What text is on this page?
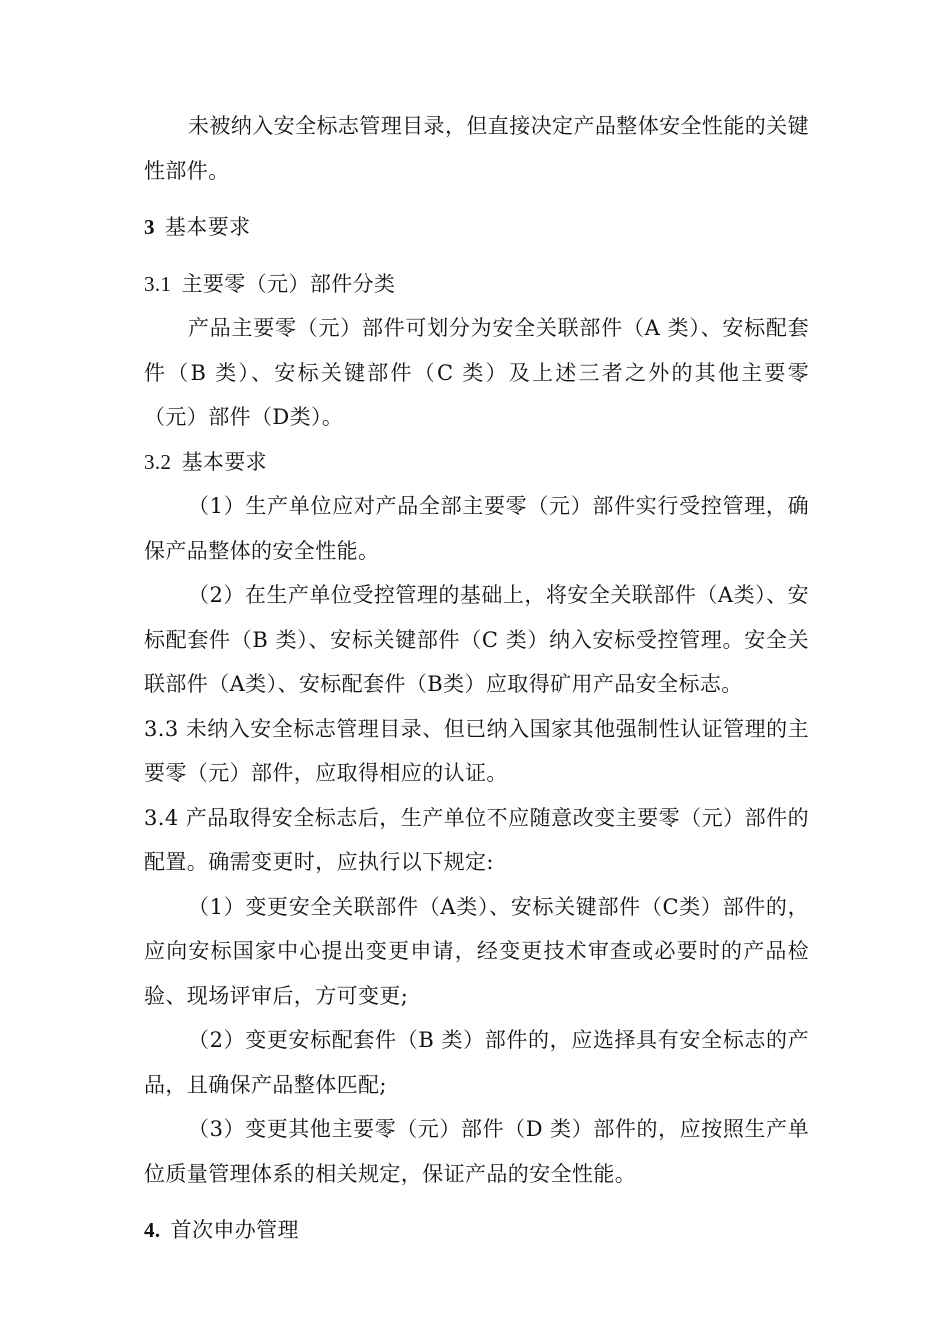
未被纳入安全标志管理目录，但直接决定产品整体安全性能的关键性部件。

3 基本要求

3.1 主要零（元）部件分类

产品主要零（元）部件可划分为安全关联部件（A 类）、安标配套件（B 类）、安标关键部件（C 类）及上述三者之外的其他主要零（元）部件（D类）。

3.2 基本要求

（1）生产单位应对产品全部主要零（元）部件实行受控管理，确保产品整体的安全性能。

（2）在生产单位受控管理的基础上，将安全关联部件（A类）、安标配套件（B 类）、安标关键部件（C 类）纳入安标受控管理。安全关联部件（A类）、安标配套件（B类）应取得矿用产品安全标志。

3.3 未纳入安全标志管理目录、但已纳入国家其他强制性认证管理的主要零（元）部件，应取得相应的认证。

3.4 产品取得安全标志后，生产单位不应随意改变主要零（元）部件的配置。确需变更时，应执行以下规定:

（1）变更安全关联部件（A类）、安标关键部件（C类）部件的，应向安标国家中心提出变更申请，经变更技术审查或必要时的产品检验、现场评审后，方可变更;

（2）变更安标配套件（B 类）部件的，应选择具有安全标志的产品，且确保产品整体匹配;

（3）变更其他主要零（元）部件（D 类）部件的，应按照生产单位质量管理体系的相关规定，保证产品的安全性能。

4. 首次申办管理
